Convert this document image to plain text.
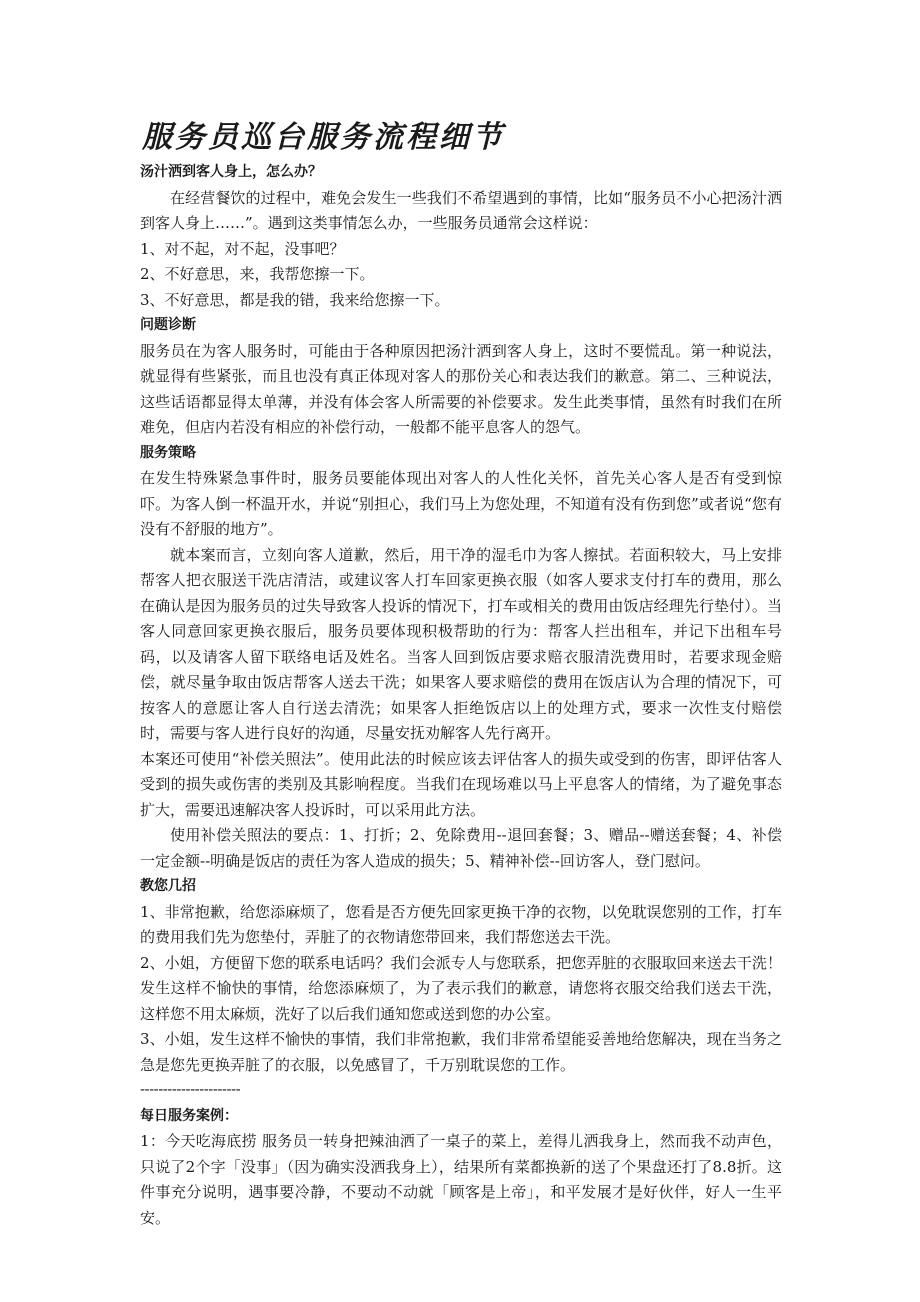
服务员巡台服务流程细节

汤汁洒到客人身上，怎么办？

在经营餐饮的过程中，难免会发生一些我们不希望遇到的事情，比如“服务员不小心把汤汁洒到客人身上……”。遇到这类事情怎么办，一些服务员通常会这样说：

1、对不起，对不起，没事吧？

2、不好意思，来，我帮您擦一下。

3、不好意思，都是我的错，我来给您擦一下。

问题诊断

服务员在为客人服务时，可能由于各种原因把汤汁洒到客人身上，这时不要慌乱。第一种说法，就显得有些紧张，而且也没有真正体现对客人的那份关心和表达我们的歉意。第二、三种说法，这些话语都显得太单薄，并没有体会客人所需要的补偿要求。发生此类事情，虽然有时我们在所难免，但店内若没有相应的补偿行动，一般都不能平息客人的怨气。

服务策略

在发生特殊紧急事件时，服务员要能体现出对客人的人性化关怀，首先关心客人是否有受到惊吓。为客人倒一杯温开水，并说“别担心，我们马上为您处理，不知道有没有伤到您”或者说“您有没有不舒服的地方”。

就本案而言，立刻向客人道歉，然后，用干净的湿毛巾为客人擦拭。若面积较大，马上安排帮客人把衣服送干洗店清洁，或建议客人打车回家更换衣服（如客人要求支付打车的费用，那么在确认是因为服务员的过失导致客人投诉的情况下，打车或相关的费用由饭店经理先行垫付）。当客人同意回家更换衣服后，服务员要体现积极帮助的行为：帮客人拦出租车，并记下出租车号码，以及请客人留下联络电话及姓名。当客人回到饭店要求赔衣服清洗费用时，若要求现金赔偿，就尽量争取由饭店帮客人送去干洗；如果客人要求赔偿的费用在饭店认为合理的情况下，可按客人的意愿让客人自行送去清洗；如果客人拒绝饭店以上的处理方式，要求一次性支付赔偿时，需要与客人进行良好的沟通，尽量安抚劝解客人先行离开。

本案还可使用“补偿关照法”。使用此法的时候应该去评估客人的损失或受到的伤害，即评估客人受到的损失或伤害的类别及其影响程度。当我们在现场难以马上平息客人的情绪，为了避免事态扩大，需要迅速解决客人投诉时，可以采用此方法。

使用补偿关照法的要点：1、打折；2、免除费用--退回套餐；3、赠品--赠送套餐；4、补偿一定金额--明确是饭店的责任为客人造成的损失；5、精神补偿--回访客人，登门慰问。

教您几招

1、非常抱歉，给您添麻烦了，您看是否方便先回家更换干净的衣物，以免耽误您别的工作，打车的费用我们先为您垫付，弄脏了的衣物请您带回来，我们帮您送去干洗。

2、小姐，方便留下您的联系电话吗？我们会派专人与您联系，把您弄脏的衣服取回来送去干洗！发生这样不愉快的事情，给您添麻烦了，为了表示我们的歉意，请您将衣服交给我们送去干洗，这样您不用太麻烦，洗好了以后我们通知您或送到您的办公室。

3、小姐，发生这样不愉快的事情，我们非常抱歉，我们非常希望能妥善地给您解决，现在当务之急是您先更换弄脏了的衣服，以免感冒了，千万别耽误您的工作。

----------------------

每日服务案例：

1：今天吃海底捞 服务员一转身把辣油洒了一桌子的菜上，差得儿洒我身上，然而我不动声色，只说了2个字「没事」（因为确实没洒我身上），结果所有菜都换新的送了个果盘还打了8.8折。这件事充分说明，遇事要冷静，不要动不动就「顾客是上帝」，和平发展才是好伙伴，好人一生平安。
